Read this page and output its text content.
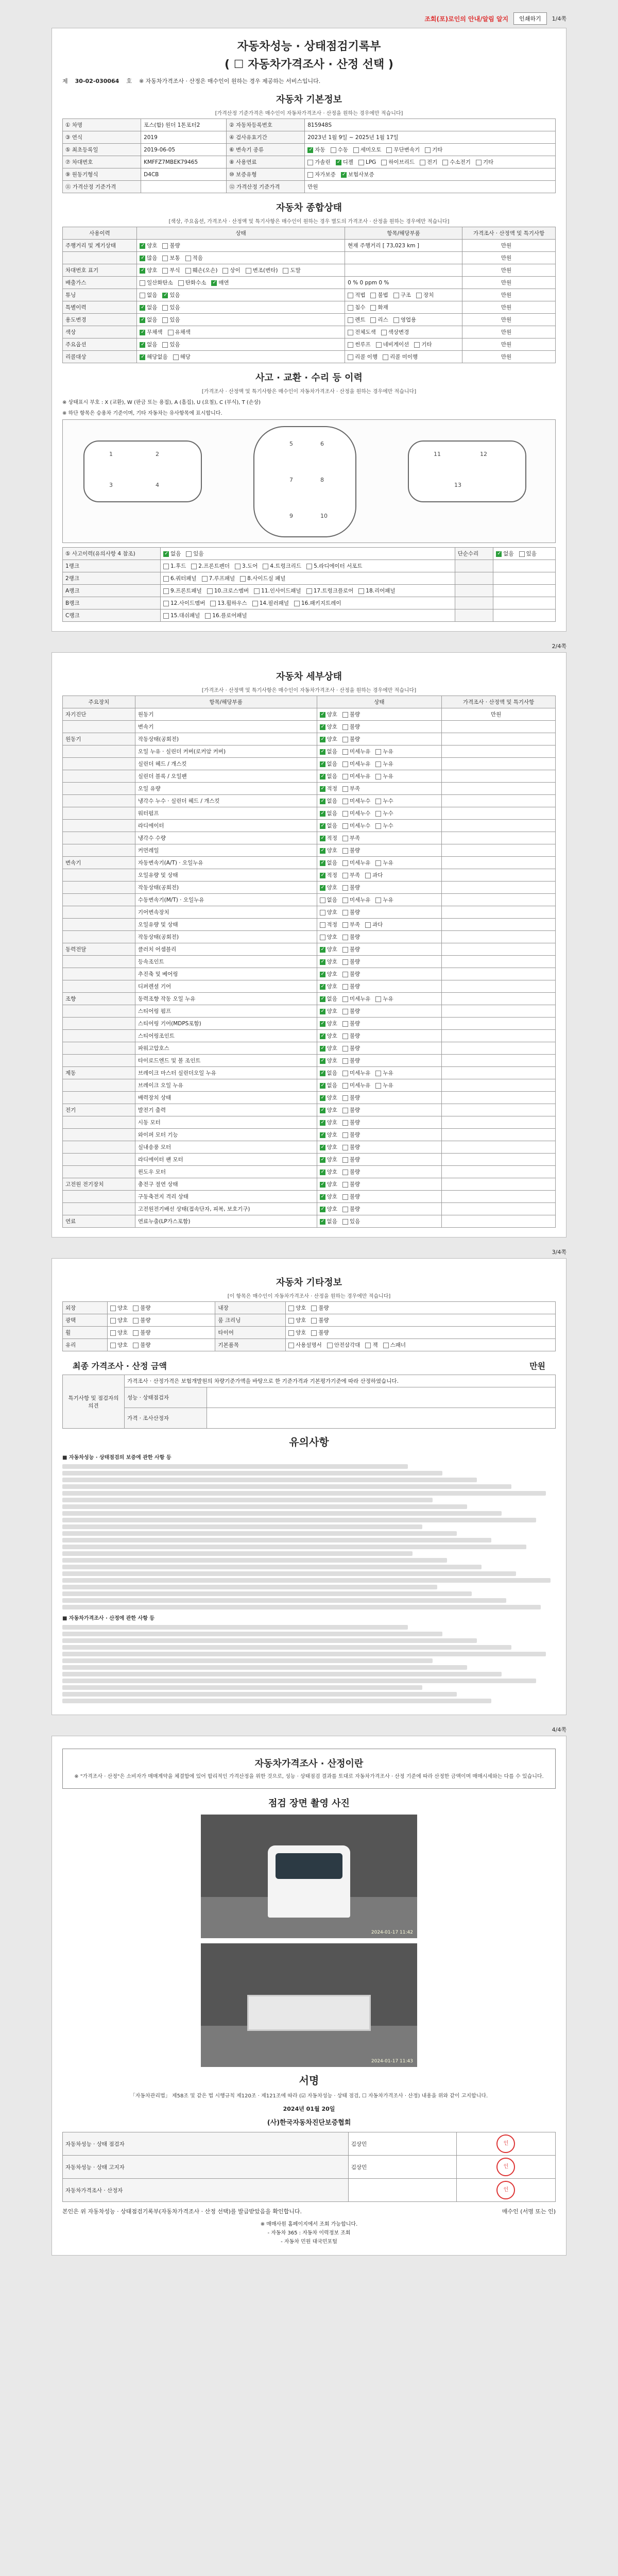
조회(포)로인의 안내/알림 알지	인쇄하기	1/4쪽
자동차성능 · 상태점검기록부
( ☐ 자동차가격조사 · 산정 선택 )
제 30-02-030064 호 ※ 자동차가격조사 · 산정은 매수인이 원하는 경우 제공하는 서비스입니다.
자동차 기본정보
[가격산정 기준가격은 매수인이 자동차가격조사 · 산정을 원하는 경우에만 적습니다]
① 차명	포스(합) 원더 1톤포터2	② 자동차등록번호	815948S
③ 연식	2019	④ 검사유효기간	2023년 1월 9일 ~ 2025년 1월 17일
⑤ 최초등록일	2019-06-05	⑥ 변속기 종류	✓자동 수동 세미오토 무단변속기 기타
⑦ 차대번호	KMFFZ7MBEK79465	⑧ 사용연료	가솔린 ✓ 디젤 LPG 하이브리드 전기 수소전기 기타
⑨ 원동기형식	D4CB	⑩ 보증유형	자가보증 ✓ 보험사보증
⑪ 가격산정 기준가격		⑫ 가격산정 기준가격	만원
자동차 종합상태
[색상, 주요옵션, 가격조사 · 산정액 및 특기사항은 매수인이 원하는 경우 별도의 가격조사 · 산정을 원하는 경우에만 적습니다]
사용이력	상태	항목/해당부품	가격조사 · 산정액 및 특기사항
주행거리 및 계기상태	✓양호 불량	현재 주행거리 [ 73,023 km ]	만원
	✓많음 보통 적음		만원
차대번호 표기	✓양호 부식 훼손(오손) 상이 변조(변타) 도말		만원
배출가스	일산화탄소 탄화수소 ✓ 매연	0 % 0 ppm 0 %	만원
튜닝	없음 ✓ 있음	적법 불법 구조 장치	만원
특별이력	✓없음 있음	침수 화재	만원
용도변경	✓없음 있음	렌트 리스 영업용	만원
색상	✓무채색 유채색	전체도색 색상변경	만원
주요옵션	✓없음 있음	썬루프 네비게이션 기타	만원
리콜대상	✓해당없음 해당	리콜 이행 리콜 미이행	만원
사고 · 교환 · 수리 등 이력
[가격조사 · 산정액 및 특기사항은 매수인이 자동차가격조사 · 산정을 원하는 경우에만 적습니다]
※ 상태표시 부호 : X (교환), W (판금 또는 용접), A (흠집), U (요철), C (부식), T (손상)
※ 하단 항목은 승용차 기준이며, 기타 자동차는 유사항목에 표시합니다.
1	2
3	4
5	6
7	8
9	10
11	12
13
⑤ 사고이력(유의사항 4 참조)	✓없음 있음	단순수리	✓없음 있음
1랭크	1.후드 2.프론트펜더 3.도어 4.트렁크리드 5.라디에이터 서포트		
2랭크	6.쿼터패널 7.루프패널 8.사이드실 패널		
A랭크	9.프론트패널 10.크로스멤버 11.인사이드패널 17.트렁크플로어 18.리어패널		
B랭크	12.사이드멤버 13.휠하우스 14.필러패널 16.패키지트레이		
C랭크	15.대쉬패널 16.플로어패널		
2/4쪽
자동차 세부상태
[가격조사 · 산정액 및 특기사항은 매수인이 자동차가격조사 · 산정을 원하는 경우에만 적습니다]
주요장치	항목/해당부품	상태	가격조사 · 산정액 및 특기사항
자기진단	원동기	✓양호 불량	만원
	변속기	✓양호 불량	
원동기	작동상태(공회전)	✓양호 불량	
	오일 누유 · 실린더 커버(로커암 커버)	✓없음 미세누유 누유	
	실린더 헤드 / 개스킷	✓없음 미세누유 누유	
	실린더 블록 / 오일팬	✓없음 미세누유 누유	
	오일 유량	✓적정 부족	
	냉각수 누수 · 실린더 헤드 / 개스킷	✓없음 미세누수 누수	
	워터펌프	✓없음 미세누수 누수	
	라디에이터	✓없음 미세누수 누수	
	냉각수 수량	✓적정 부족	
	커먼레일	✓양호 불량	
변속기	자동변속기(A/T) · 오일누유	✓없음 미세누유 누유	
	오일유량 및 상태	✓적정 부족 과다	
	작동상태(공회전)	✓양호 불량	
	수동변속기(M/T) · 오일누유	없음 미세누유 누유	
	기어변속장치	양호 불량	
	오일유량 및 상태	적정 부족 과다	
	작동상태(공회전)	양호 불량	
동력전달	클러치 어셈블리	✓양호 불량	
	등속조인트	✓양호 불량	
	추진축 및 베어링	✓양호 불량	
	디퍼렌셜 기어	✓양호 불량	
조향	동력조향 작동 오일 누유	✓없음 미세누유 누유	
	스티어링 펌프	✓양호 불량	
	스티어링 기어(MDPS포함)	✓양호 불량	
	스티어링조인트	✓양호 불량	
	파워고압호스	✓양호 불량	
	타이로드엔드 및 볼 조인트	✓양호 불량	
제동	브레이크 마스터 실린더오일 누유	✓없음 미세누유 누유	
	브레이크 오일 누유	✓없음 미세누유 누유	
	배력장치 상태	✓양호 불량	
전기	발전기 출력	✓양호 불량	
	시동 모터	✓양호 불량	
	와이퍼 모터 기능	✓양호 불량	
	실내송풍 모터	✓양호 불량	
	라디에이터 팬 모터	✓양호 불량	
	윈도우 모터	✓양호 불량	
고전원 전기장치	충전구 절연 상태	✓양호 불량	
	구동축전지 격리 상태	✓양호 불량	
	고전원전기배선 상태(접속단자, 피복, 보호기구)	✓양호 불량	
연료	연료누출(LP가스포함)	✓없음 있음	
3/4쪽
자동차 기타정보
[이 항목은 매수인이 자동차가격조사 · 산정을 원하는 경우에만 적습니다]
외장	양호 불량	내장	양호 불량
광택	양호 불량	룸 크리닝	양호 불량
휠	양호 불량	타이어	양호 불량
유리	양호 불량	기본품목	사용설명서 안전삼각대 잭 스패너
최종 가격조사 · 산정 금액	만원
특기사항 및 점검자의 의견	가격조사 · 산정가격은 보험개발원의 차량기준가액을 바탕으로 한 기준가격과 기본평가기준에 따라 산정하였습니다.	
	성능 · 상태점검자	
	가격 · 조사산정자	
유의사항

■ 자동차성능 · 상태점검의 보증에 관한 사항 등

■ 자동차가격조사 · 산정에 관한 사항 등

4/4쪽
자동차가격조사 · 산정이란
※ "가격조사 · 산정"은 소비자가 매매계약을 체결함에 있어 합리적인 가격산정을 위한 것으로, 성능 · 상태점검 결과를 토대로 자동차가격조사 · 산정 기준에 따라 산정한 금액이며 매매시세와는 다를 수 있습니다.
점검 장면 촬영 사진
2024-01-17 11:42
2024-01-17 11:43
서명
「자동차관리법」 제58조 및 같은 법 시행규칙 제120조 · 제121조에 따라 (☑ 자동차성능 · 상태 점검, ☐ 자동차가격조사 · 산정) 내용을 위와 같이 고지합니다.
2024년 01월 20일
(사)한국자동차진단보증협회
자동차성능 · 상태 점검자	김상민	인
자동차성능 · 상태 고지자	김상민	인
자동차가격조사 · 산정자		인
본인은 위 자동차성능 · 상태점검기록부(자동차가격조사 · 산정 선택)를 발급받았음을 확인합니다.	매수인 (서명 또는 인)
※ 매매사원 홈페이지에서 조회 가능합니다.
- 자동차 365 : 자동차 이력정보 조회
- 자동차 민원 대국민포털
